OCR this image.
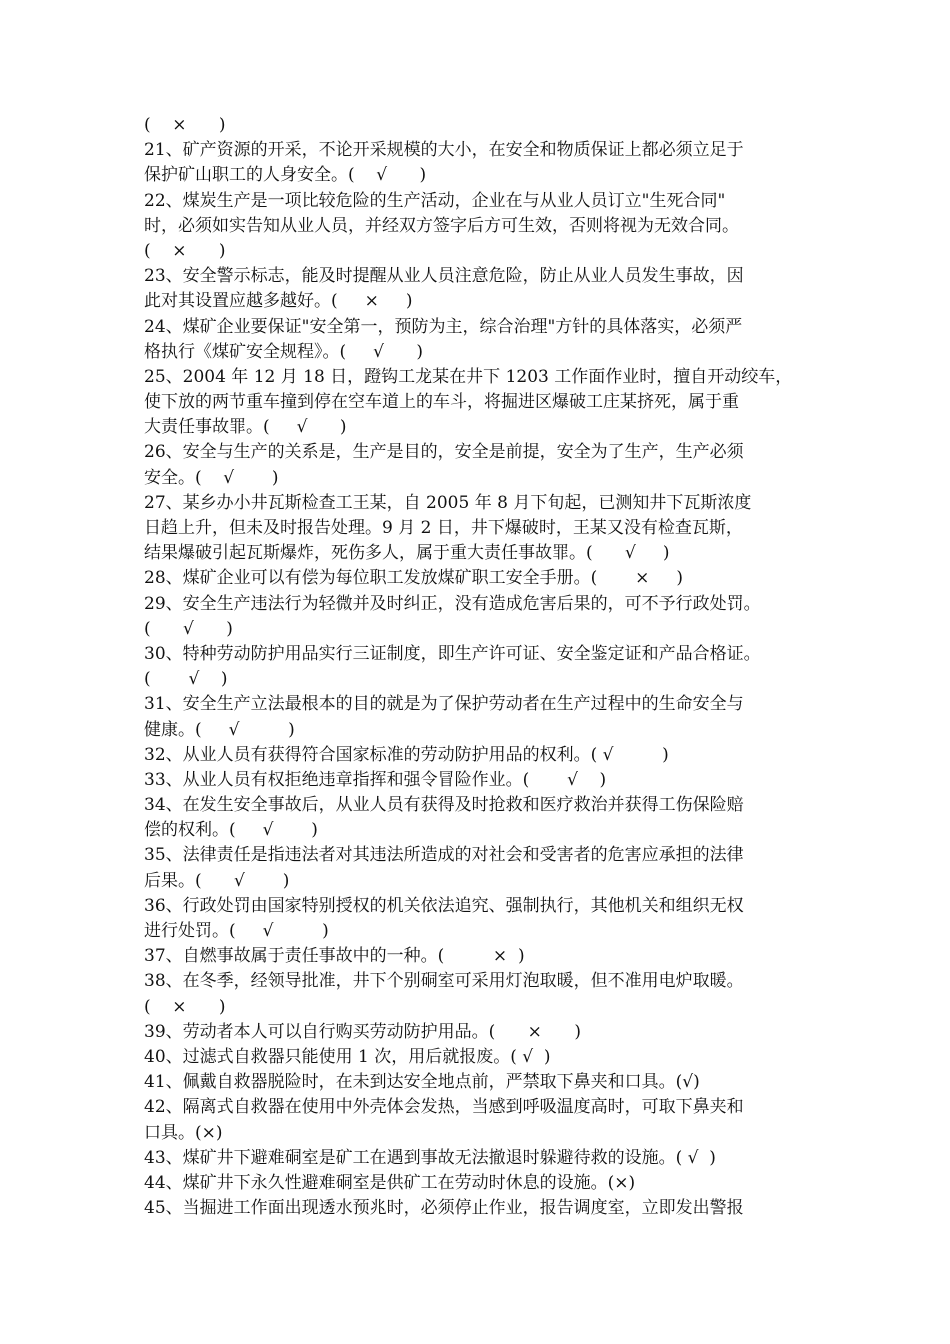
(    ×      )
21、矿产资源的开采，不论开采规模的大小，在安全和物质保证上都必须立足于
保护矿山职工的人身安全。(    √      )
22、煤炭生产是一项比较危险的生产活动，企业在与从业人员订立"生死合同"
时，必须如实告知从业人员，并经双方签字后方可生效，否则将视为无效合同。
(    ×      )
23、安全警示标志，能及时提醒从业人员注意危险，防止从业人员发生事故，因
此对其设置应越多越好。(     ×     )
24、煤矿企业要保证"安全第一，预防为主，综合治理"方针的具体落实，必须严
格执行《煤矿安全规程》。(     √      )
25、2004 年 12 月 18 日，蹬钩工龙某在井下 1203 工作面作业时，擅自开动绞车，
使下放的两节重车撞到停在空车道上的车斗，将掘进区爆破工庄某挤死，属于重
大责任事故罪。(     √      )
26、安全与生产的关系是，生产是目的，安全是前提，安全为了生产，生产必须
安全。(    √       )
27、某乡办小井瓦斯检查工王某，自 2005 年 8 月下旬起，已测知井下瓦斯浓度
日趋上升，但未及时报告处理。9 月 2 日，井下爆破时，王某又没有检查瓦斯，
结果爆破引起瓦斯爆炸，死伤多人，属于重大责任事故罪。(      √     )
28、煤矿企业可以有偿为每位职工发放煤矿职工安全手册。(       ×     )
29、安全生产违法行为轻微并及时纠正，没有造成危害后果的，可不予行政处罚。
(      √      )
30、特种劳动防护用品实行三证制度，即生产许可证、安全鉴定证和产品合格证。
(       √    )
31、安全生产立法最根本的目的就是为了保护劳动者在生产过程中的生命安全与
健康。(     √         )
32、从业人员有获得符合国家标准的劳动防护用品的权利。( √         )
33、从业人员有权拒绝违章指挥和强令冒险作业。(       √    )
34、在发生安全事故后，从业人员有获得及时抢救和医疗救治并获得工伤保险赔
偿的权利。(     √       )
35、法律责任是指违法者对其违法所造成的对社会和受害者的危害应承担的法律
后果。(      √       )
36、行政处罚由国家特别授权的机关依法追究、强制执行，其他机关和组织无权
进行处罚。(     √         )
37、自燃事故属于责任事故中的一种。(         ×  )
38、在冬季，经领导批准，井下个别硐室可采用灯泡取暖，但不准用电炉取暖。
(    ×      )
39、劳动者本人可以自行购买劳动防护用品。(      ×      )
40、过滤式自救器只能使用 1 次，用后就报废。( √  )
41、佩戴自救器脱险时，在未到达安全地点前，严禁取下鼻夹和口具。(√)
42、隔离式自救器在使用中外壳体会发热，当感到呼吸温度高时，可取下鼻夹和
口具。(×)
43、煤矿井下避难硐室是矿工在遇到事故无法撤退时躲避待救的设施。( √  )
44、煤矿井下永久性避难硐室是供矿工在劳动时休息的设施。(×)
45、当掘进工作面出现透水预兆时，必须停止作业，报告调度室，立即发出警报
